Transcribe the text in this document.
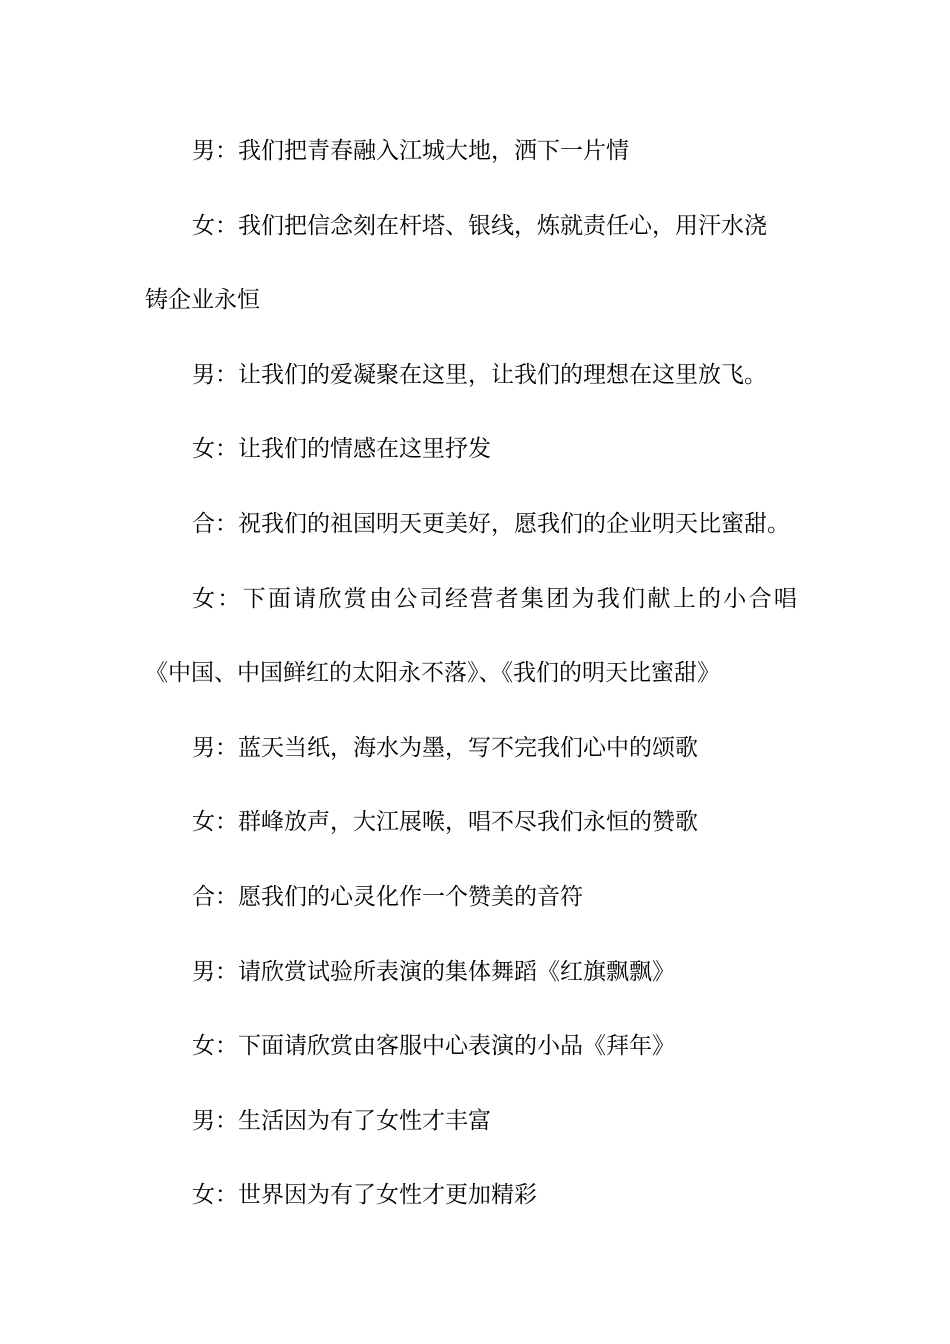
男：我们把青春融入江城大地，洒下一片情

女：我们把信念刻在杆塔、银线，炼就责任心，用汗水浇

铸企业永恒

男：让我们的爱凝聚在这里，让我们的理想在这里放飞。

女：让我们的情感在这里抒发

合：祝我们的祖国明天更美好，愿我们的企业明天比蜜甜。

女：下面请欣赏由公司经营者集团为我们献上的小合唱

《中国、中国鲜红的太阳永不落》、《我们的明天比蜜甜》

男：蓝天当纸，海水为墨，写不完我们心中的颂歌

女：群峰放声，大江展喉，唱不尽我们永恒的赞歌

合：愿我们的心灵化作一个赞美的音符

男：请欣赏试验所表演的集体舞蹈《红旗飘飘》

女：下面请欣赏由客服中心表演的小品《拜年》

男：生活因为有了女性才丰富

女：世界因为有了女性才更加精彩
